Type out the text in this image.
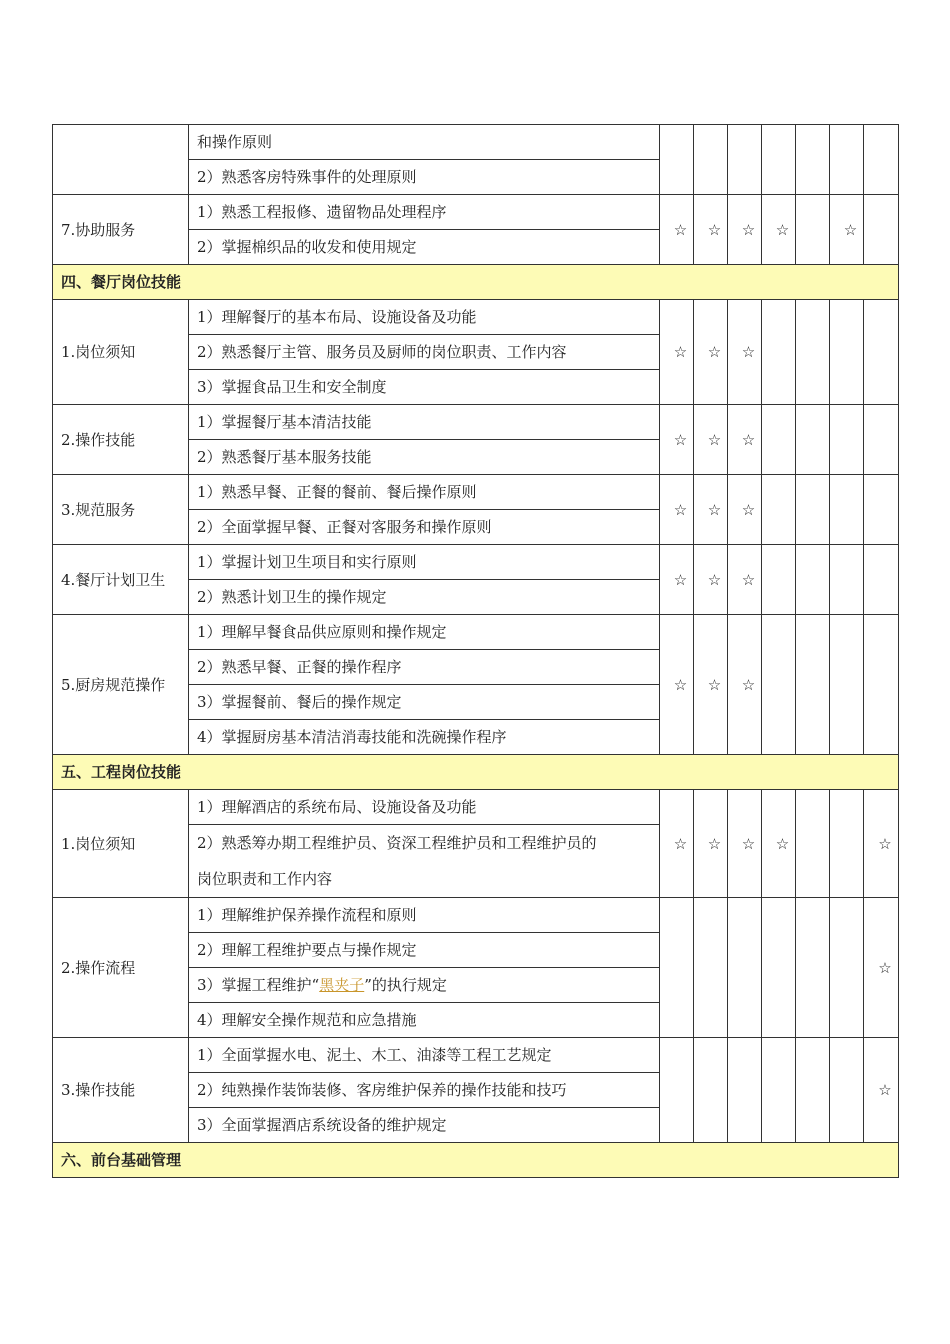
	和操作原则							
	2）熟悉客房特殊事件的处理原则							
7.协助服务	1）熟悉工程报修、遗留物品处理程序	☆	☆	☆	☆		☆	
	2）掌握棉织品的收发和使用规定							
四、餐厅岗位技能								
1.岗位须知	1）理解餐厅的基本布局、设施设备及功能	☆	☆	☆				
	2）熟悉餐厅主管、服务员及厨师的岗位职责、工作内容							
	3）掌握食品卫生和安全制度							
2.操作技能	1）掌握餐厅基本清洁技能	☆	☆	☆				
	2）熟悉餐厅基本服务技能							
3.规范服务	1）熟悉早餐、正餐的餐前、餐后操作原则	☆	☆	☆				
	2）全面掌握早餐、正餐对客服务和操作原则							
4.餐厅计划卫生	1）掌握计划卫生项目和实行原则	☆	☆	☆				
	2）熟悉计划卫生的操作规定							
5.厨房规范操作	1）理解早餐食品供应原则和操作规定	☆	☆	☆				
	2）熟悉早餐、正餐的操作程序							
	3）掌握餐前、餐后的操作规定							
	4）掌握厨房基本清洁消毒技能和洗碗操作程序							
五、工程岗位技能								
1.岗位须知	1）理解酒店的系统布局、设施设备及功能	☆	☆	☆	☆			☆

	2）熟悉筹办期工程维护员、资深工程维护员和工程维护员的
岗位职责和工作内容							

2.操作流程	1）理解维护保养操作流程和原则							☆
	2）理解工程维护要点与操作规定							
	3）掌握工程维护“黑夹子”的执行规定							
	4）理解安全操作规范和应急措施							
3.操作技能	1）全面掌握水电、泥土、木工、油漆等工程工艺规定							☆
	2）纯熟操作装饰装修、客房维护保养的操作技能和技巧							
	3）全面掌握酒店系统设备的维护规定							
六、前台基础管理								
